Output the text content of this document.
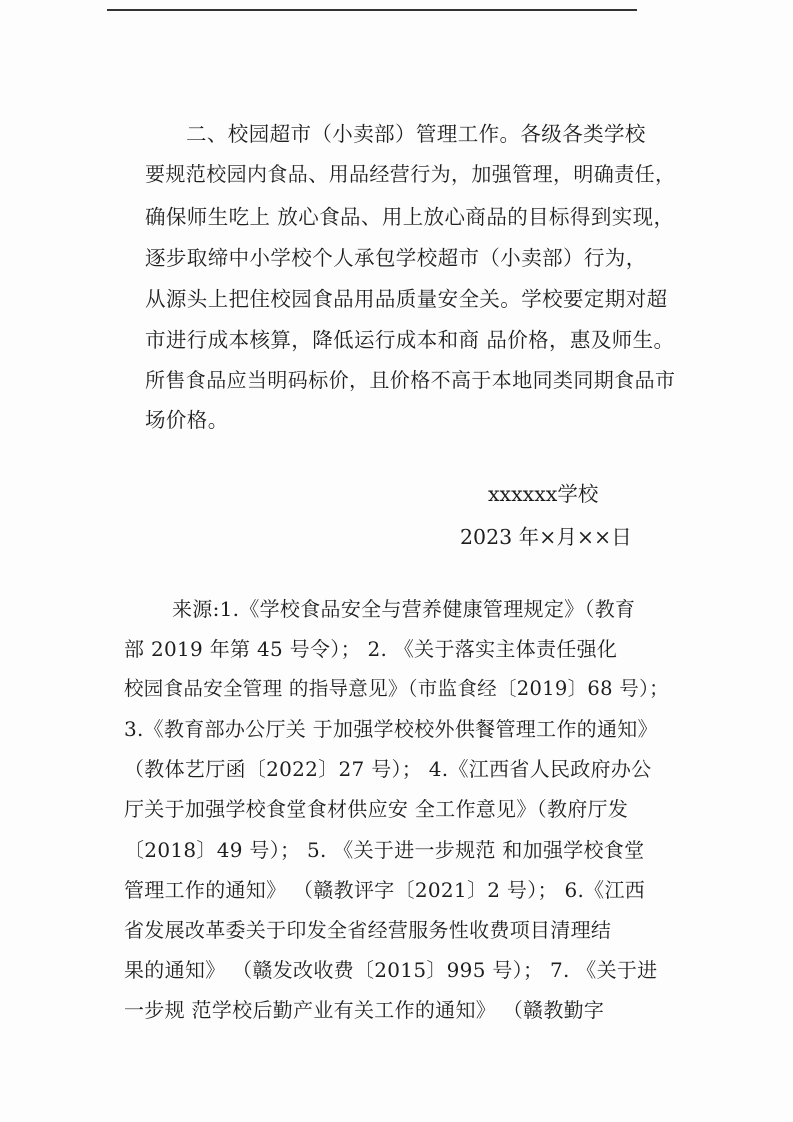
二、校园超市（小卖部）管理工作。各级各类学校
要规范校园内食品、用品经营行为，加强管理，明确责任，
确保师生吃上 放心食品、用上放心商品的目标得到实现，
逐步取缔中小学校个人承包学校超市（小卖部）行为，
从源头上把住校园食品用品质量安全关。学校要定期对超
市进行成本核算，降低运行成本和商 品价格，惠及师生。
所售食品应当明码标价，且价格不高于本地同类同期食品市
场价格。
xxxxxx学校
2023 年×月××日
来源:1.《学校食品安全与营养健康管理规定》（教育
部 2019 年第 45 号令）； 2. 《关于落实主体责任强化
校园食品安全管理 的指导意见》（市监食经〔2019〕68 号）；
3.《教育部办公厅关 于加强学校校外供餐管理工作的通知》
（教体艺厅函〔2022〕27 号）； 4.《江西省人民政府办公
厅关于加强学校食堂食材供应安 全工作意见》（教府厅发
〔2018〕49 号）； 5. 《关于进一步规范 和加强学校食堂
管理工作的通知》 （赣教评字〔2021〕2 号）； 6.《江西
省发展改革委关于印发全省经营服务性收费项目清理结
果的通知》 （赣发改收费〔2015〕995 号）； 7. 《关于进
一步规 范学校后勤产业有关工作的通知》 （赣教勤字
